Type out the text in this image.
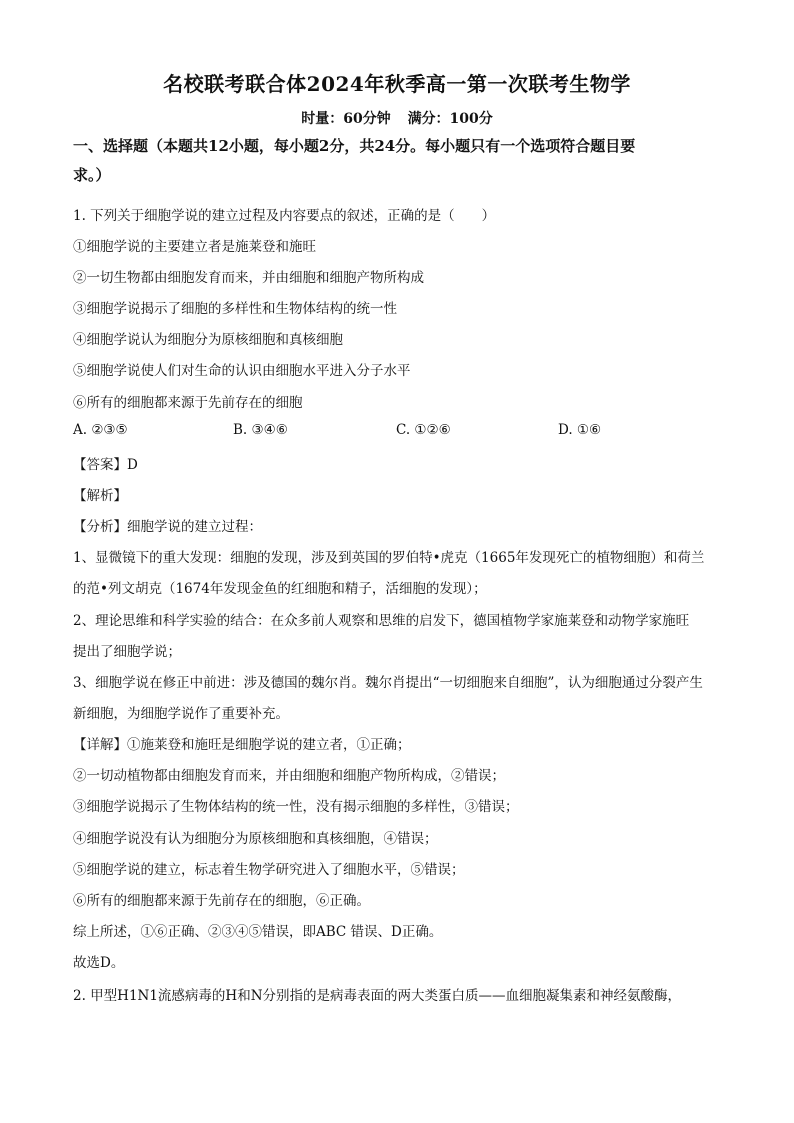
名校联考联合体2024年秋季高一第一次联考生物学
时量：60分钟 满分：100分
一、选择题（本题共12小题，每小题2分，共24分。每小题只有一个选项符合题目要
求。）
1. 下列关于细胞学说的建立过程及内容要点的叙述，正确的是（　　）
①细胞学说的主要建立者是施莱登和施旺
②一切生物都由细胞发育而来，并由细胞和细胞产物所构成
③细胞学说揭示了细胞的多样性和生物体结构的统一性
④细胞学说认为细胞分为原核细胞和真核细胞
⑤细胞学说使人们对生命的认识由细胞水平进入分子水平
⑥所有的细胞都来源于先前存在的细胞
A. ②③⑤	B. ③④⑥	C. ①②⑥	D. ①⑥
【答案】D
【解析】
【分析】细胞学说的建立过程：
1、显微镜下的重大发现：细胞的发现，涉及到英国的罗伯特•虎克（1665年发现死亡的植物细胞）和荷兰
的范•列文胡克（1674年发现金鱼的红细胞和精子，活细胞的发现）；
2、理论思维和科学实验的结合：在众多前人观察和思维的启发下，德国植物学家施莱登和动物学家施旺
提出了细胞学说；
3、细胞学说在修正中前进：涉及德国的魏尔肖。魏尔肖提出“一切细胞来自细胞”，认为细胞通过分裂产生
新细胞，为细胞学说作了重要补充。
【详解】①施莱登和施旺是细胞学说的建立者，①正确；
②一切动植物都由细胞发育而来，并由细胞和细胞产物所构成，②错误；
③细胞学说揭示了生物体结构的统一性，没有揭示细胞的多样性，③错误；
④细胞学说没有认为细胞分为原核细胞和真核细胞，④错误；
⑤细胞学说的建立，标志着生物学研究进入了细胞水平，⑤错误；
⑥所有的细胞都来源于先前存在的细胞，⑥正确。
综上所述，①⑥正确、②③④⑤错误，即ABC 错误、D正确。
故选D。
2. 甲型H1N1流感病毒的H和N分别指的是病毒表面的两大类蛋白质——血细胞凝集素和神经氨酸酶，
